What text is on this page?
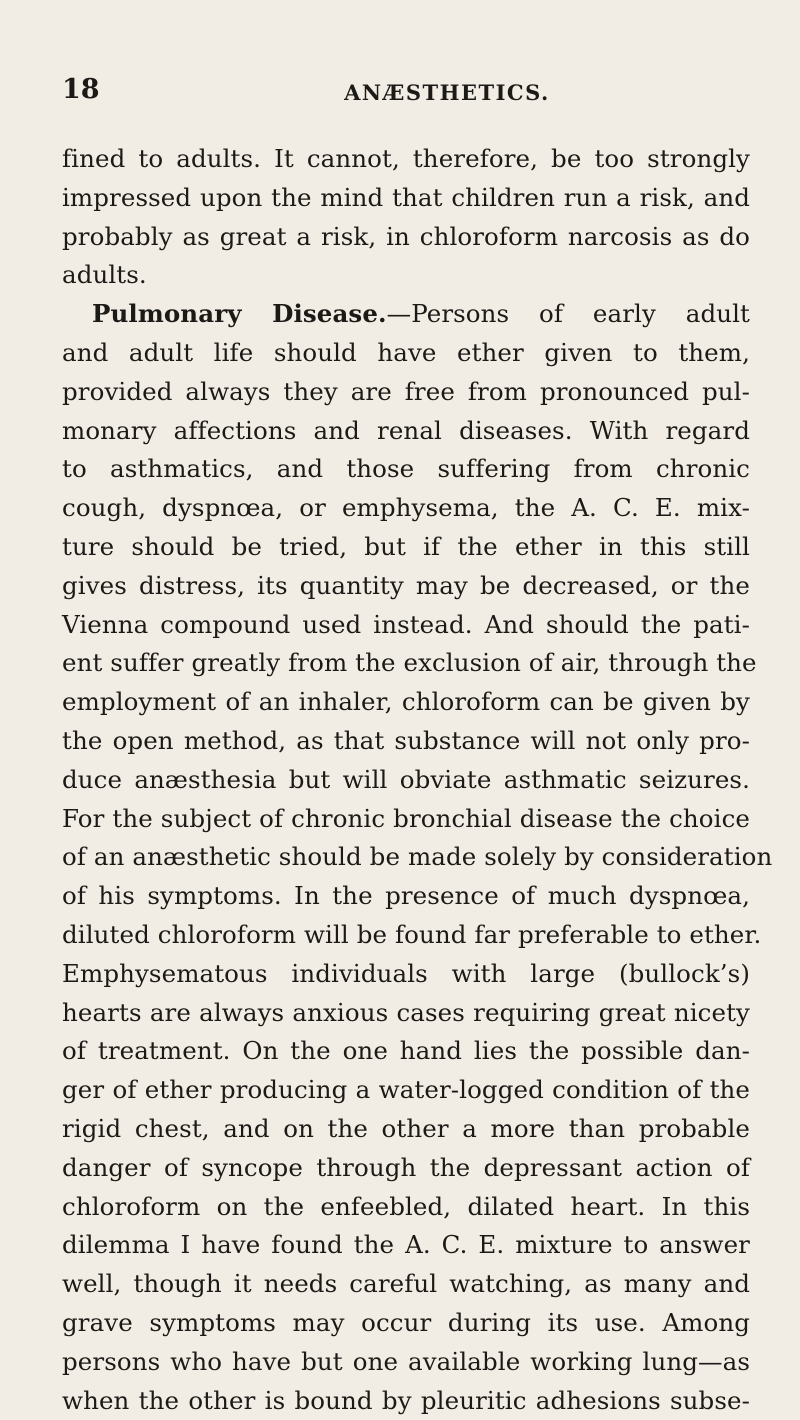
18	ANÆSTHETICS.
fined to adults. It cannot, therefore, be too strongly
impressed upon the mind that children run a risk, and
probably as great a risk, in chloroform narcosis as do
adults.
Pulmonary Disease.—Persons of early adult
and adult life should have ether given to them,
provided always they are free from pronounced pul-
monary affections and renal diseases. With regard
to asthmatics, and those suffering from chronic
cough, dyspnœa, or emphysema, the A. C. E. mix-
ture should be tried, but if the ether in this still
gives distress, its quantity may be decreased, or the
Vienna compound used instead. And should the pati-
ent suffer greatly from the exclusion of air, through the
employment of an inhaler, chloroform can be given by
the open method, as that substance will not only pro-
duce anæsthesia but will obviate asthmatic seizures.
For the subject of chronic bronchial disease the choice
of an anæsthetic should be made solely by consideration
of his symptoms. In the presence of much dyspnœa,
diluted chloroform will be found far preferable to ether.
Emphysematous individuals with large (bullock’s)
hearts are always anxious cases requiring great nicety
of treatment. On the one hand lies the possible dan-
ger of ether producing a water-logged condition of the
rigid chest, and on the other a more than probable
danger of syncope through the depressant action of
chloroform on the enfeebled, dilated heart. In this
dilemma I have found the A. C. E. mixture to answer
well, though it needs careful watching, as many and
grave symptoms may occur during its use. Among
persons who have but one available working lung—as
when the other is bound by pleuritic adhesions subse-
